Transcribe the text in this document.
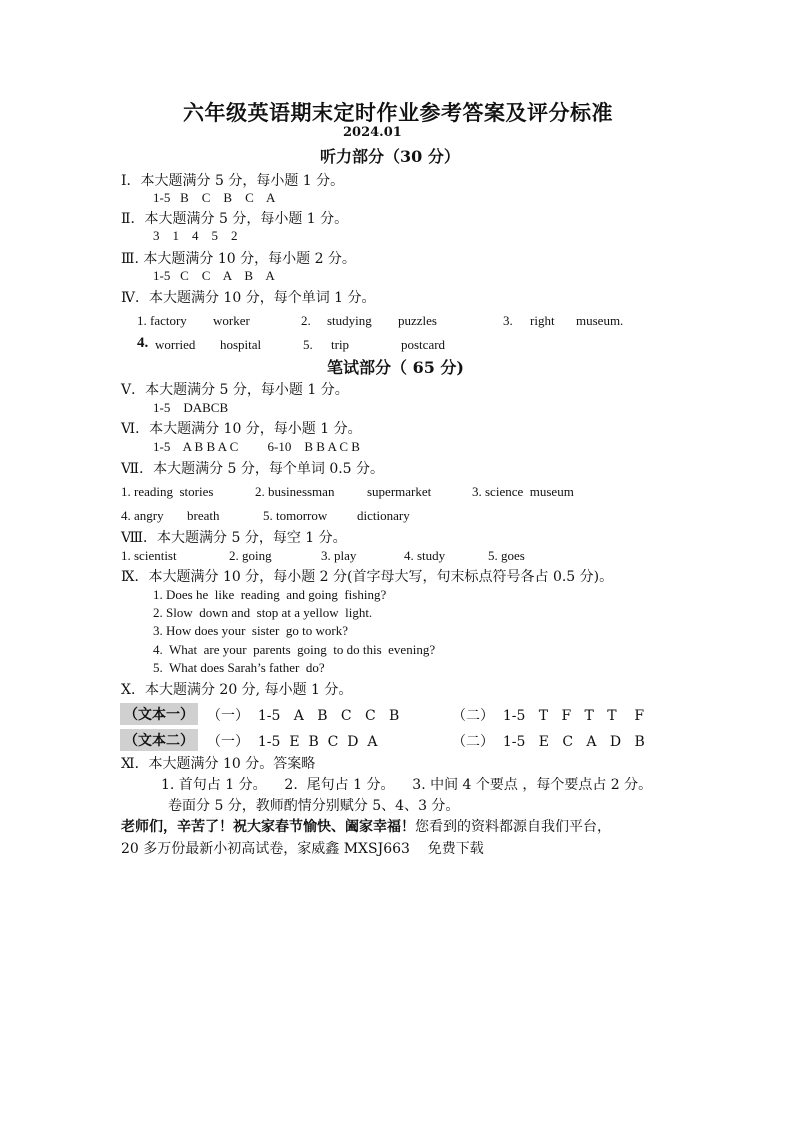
六年级英语期末定时作业参考答案及评分标准
2024.01
听力部分（30 分）
Ⅰ．本大题满分 5 分，每小题 1 分。
1-5   B    C    B    C    A
Ⅱ．本大题满分 5 分，每小题 1 分。
3    1    4    5    2
Ⅲ. 本大题满分 10 分，每小题 2 分。
1-5   C    C    A    B    A
Ⅳ．本大题满分 10 分，每个单词 1 分。
1. factory worker	2. studying puzzles	3. right museum.
4. worried hospital	5. trip	postcard
笔试部分（ 65 分)
Ⅴ．本大题满分 5 分，每小题 1 分。
1-5    DABCB
Ⅵ．本大题满分 10 分，每小题 1 分。
1-5    A B B A C         6-10    B B A C B
Ⅶ．本大题满分 5 分，每个单词 0.5 分。
1. reading  stories	2. businessman	supermarket	3. science  museum
4. angry breath	5. tomorrow dictionary
Ⅷ．本大题满分 5 分，每空 1 分。
1. scientist	2. going	3. play	4. study	5. goes
Ⅸ．本大题满分 10 分，每小题 2 分(首字母大写，句末标点符号各占 0.5 分)。
1. Does he  like  reading  and going  fishing?
2. Slow  down and  stop at a yellow  light.
3. How does your  sister  go to work?
4.  What  are your  parents  going  to do this  evening?
5.  What does Sarah’s father  do?
Ⅹ．本大题满分 20 分, 每小题 1 分。
（文本一） （一）  1-5   A   B   C   C   B	（二）  1-5   T   F   T   T    F
（文本二） （一）  1-5  E  B  C  D  A	（二）  1-5   E   C   A   D   B
Ⅺ．本大题满分 10 分。答案略
1. 首句占 1 分。    2.  尾句占 1 分。    3. 中间 4 个要点 ，每个要点占 2 分。
卷面分 5 分，教师酌情分别赋分 5、4、3 分。
老师们，辛苦了！祝大家春节愉快、阖家幸福！您看到的资料都源自我们平台，
20 多万份最新小初高试卷，家威鑫 MXSJ663    免费下载
